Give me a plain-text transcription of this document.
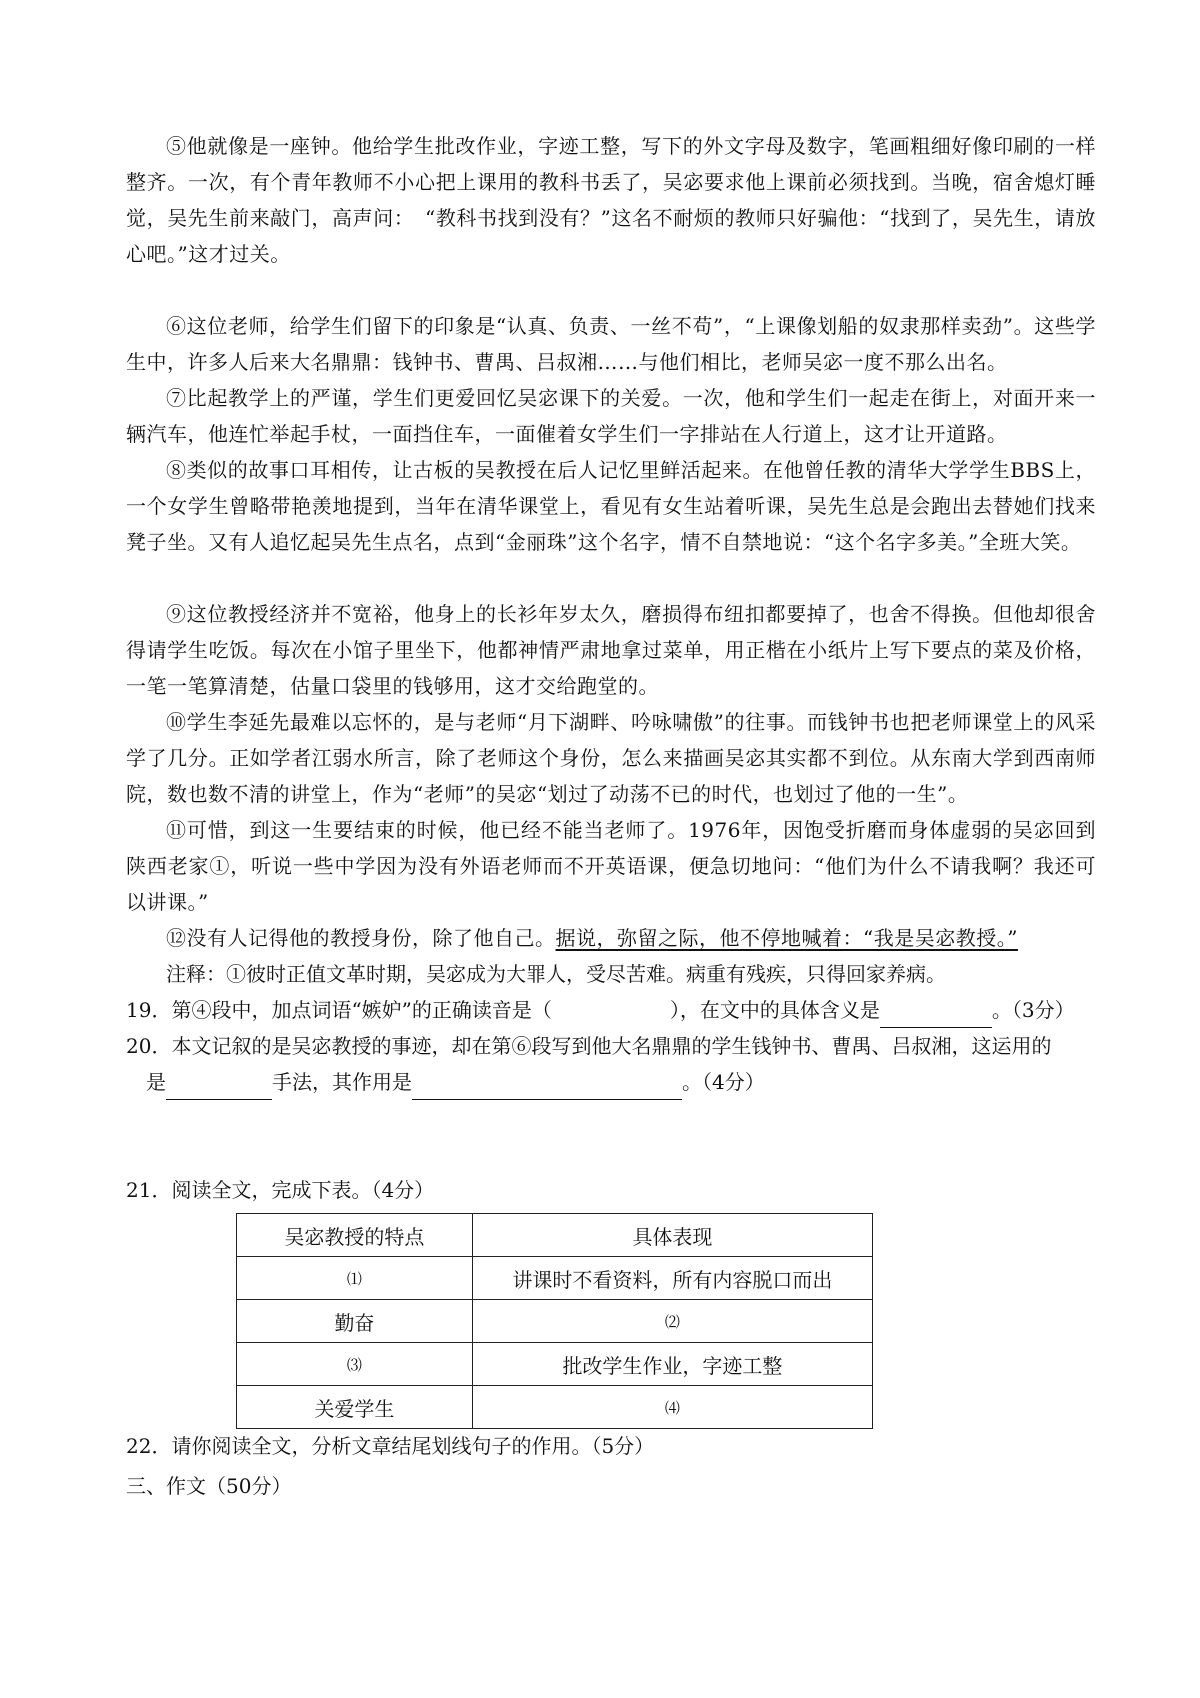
⑤他就像是一座钟。他给学生批改作业，字迹工整，写下的外文字母及数字，笔画粗细好像印刷的一样整齐。一次，有个青年教师不小心把上课用的教科书丢了，吴宓要求他上课前必须找到。当晚，宿舍熄灯睡觉，吴先生前来敲门，高声问：　“教科书找到没有？”这名不耐烦的教师只好骗他：“找到了，吴先生，请放心吧。”这才过关。

⑥这位老师，给学生们留下的印象是“认真、负责、一丝不苟”，“上课像划船的奴隶那样卖劲”。这些学生中，许多人后来大名鼎鼎：钱钟书、曹禺、吕叔湘……与他们相比，老师吴宓一度不那么出名。

⑦比起教学上的严谨，学生们更爱回忆吴宓课下的关爱。一次，他和学生们一起走在街上，对面开来一辆汽车，他连忙举起手杖，一面挡住车，一面催着女学生们一字排站在人行道上，这才让开道路。

⑧类似的故事口耳相传，让古板的吴教授在后人记忆里鲜活起来。在他曾任教的清华大学学生BBS上，一个女学生曾略带艳羡地提到，当年在清华课堂上，看见有女生站着听课，吴先生总是会跑出去替她们找来凳子坐。又有人追忆起吴先生点名，点到“金丽珠”这个名字，情不自禁地说：“这个名字多美。”全班大笑。

⑨这位教授经济并不宽裕，他身上的长衫年岁太久，磨损得布纽扣都要掉了，也舍不得换。但他却很舍得请学生吃饭。每次在小馆子里坐下，他都神情严肃地拿过菜单，用正楷在小纸片上写下要点的菜及价格，一笔一笔算清楚，估量口袋里的钱够用，这才交给跑堂的。

⑩学生李延先最难以忘怀的，是与老师“月下湖畔、吟咏啸傲”的往事。而钱钟书也把老师课堂上的风采学了几分。正如学者江弱水所言，除了老师这个身份，怎么来描画吴宓其实都不到位。从东南大学到西南师院，数也数不清的讲堂上，作为“老师”的吴宓“划过了动荡不已的时代，也划过了他的一生”。

⑪可惜，到这一生要结束的时候，他已经不能当老师了。1976年，因饱受折磨而身体虚弱的吴宓回到陕西老家①，听说一些中学因为没有外语老师而不开英语课，便急切地问：“他们为什么不请我啊？我还可以讲课。”

⑫没有人记得他的教授身份，除了他自己。据说，弥留之际，他不停地喊着：“我是吴宓教授。”

注释：①彼时正值文革时期，吴宓成为大罪人，受尽苦难。病重有残疾，只得回家养病。

19．第④段中，加点词语“嫉妒”的正确读音是（	），在文中的具体含义是	。（3分）

20．本文记叙的是吴宓教授的事迹，却在第⑥段写到他大名鼎鼎的学生钱钟书、曹禺、吕叔湘，这运用的
是	手法，其作用是	。（4分）

21．阅读全文，完成下表。（4分）

吴宓教授的特点	具体表现
⑴	讲课时不看资料，所有内容脱口而出
勤奋	⑵
⑶	批改学生作业，字迹工整
关爱学生	⑷

22．请你阅读全文，分析文章结尾划线句子的作用。（5分）

三、作文（50分）
